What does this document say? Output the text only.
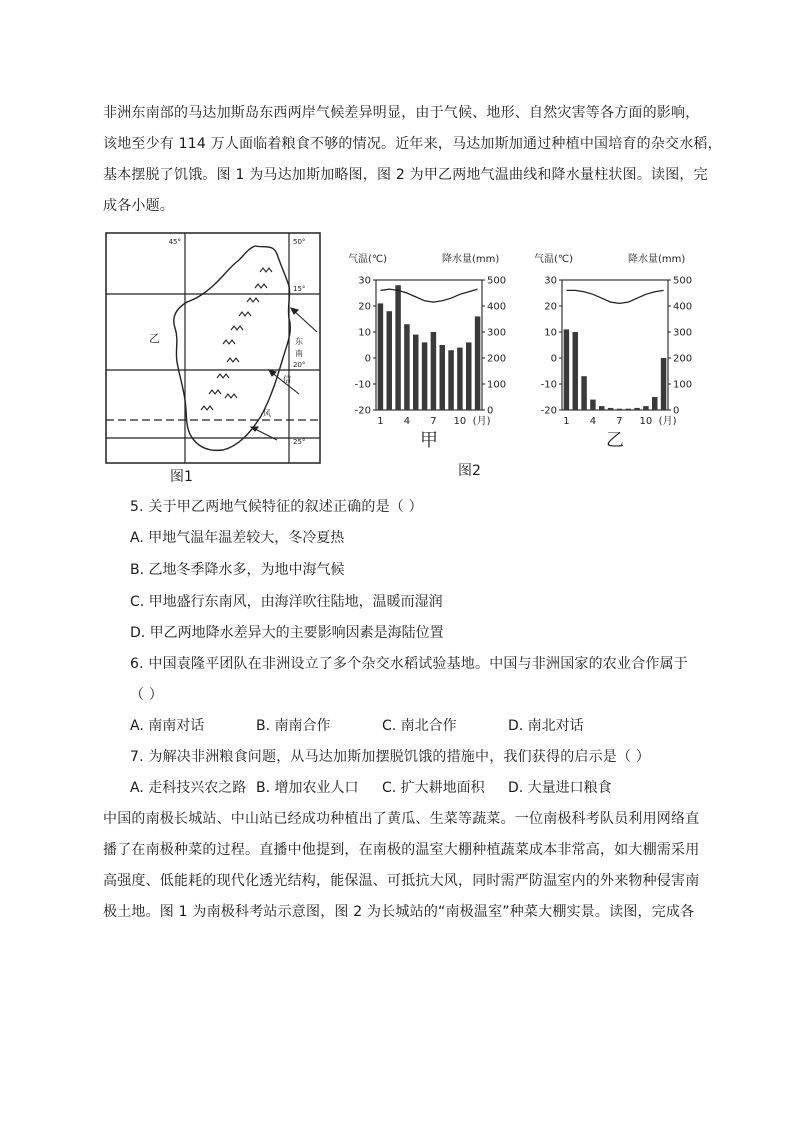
非洲东南部的马达加斯岛东西两岸气候差异明显，由于气候、地形、自然灾害等各方面的影响，
该地至少有 114 万人面临着粮食不够的情况。近年来，马达加斯加通过种植中国培育的杂交水稻，
基本摆脱了饥饿。图 1 为马达加斯加略图，图 2 为甲乙两地气温曲线和降水量柱状图。读图，完
成各小题。
45°	50°
15°
20°
25°
乙	东
南
信
风
图1
气温(℃)	降水量(mm)
30
20
10
0
-10
-20
500
400
300
200
100
0
1 4 7 10 (月)
甲
气温(℃)	降水量(mm)
30
20
10
0
-10
-20
500
400
300
200
100
0
1 4 7 10 (月)
乙
图2
5. 关于甲乙两地气候特征的叙述正确的是（ ）
A. 甲地气温年温差较大，冬冷夏热
B. 乙地冬季降水多，为地中海气候
C. 甲地盛行东南风，由海洋吹往陆地，温暖而湿润
D. 甲乙两地降水差异大的主要影响因素是海陆位置
6. 中国袁隆平团队在非洲设立了多个杂交水稻试验基地。中国与非洲国家的农业合作属于
（ ）
A. 南南对话	B. 南南合作	C. 南北合作	D. 南北对话
7. 为解决非洲粮食问题，从马达加斯加摆脱饥饿的措施中，我们获得的启示是（ ）
A. 走科技兴农之路 B. 增加农业人口 C. 扩大耕地面积 D. 大量进口粮食
中国的南极长城站、中山站已经成功种植出了黄瓜、生菜等蔬菜。一位南极科考队员利用网络直
播了在南极种菜的过程。直播中他提到，在南极的温室大棚种植蔬菜成本非常高，如大棚需采用
高强度、低能耗的现代化透光结构，能保温、可抵抗大风，同时需严防温室内的外来物种侵害南
极土地。图 1 为南极科考站示意图，图 2 为长城站的“南极温室”种菜大棚实景。读图，完成各
